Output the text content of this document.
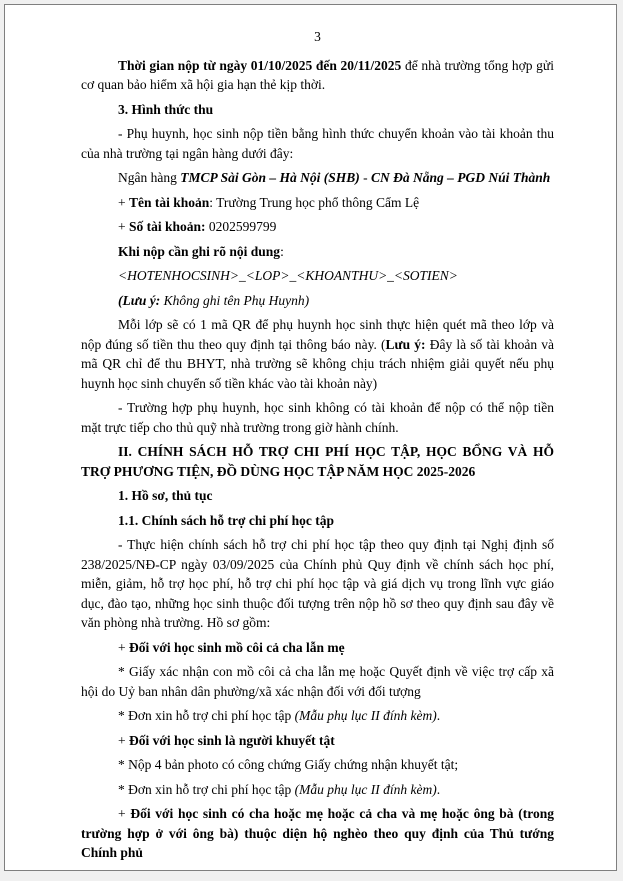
3

Thời gian nộp từ ngày 01/10/2025 đến 20/11/2025 để nhà trường tổng hợp gửi cơ quan bảo hiểm xã hội gia hạn thẻ kịp thời.

3. Hình thức thu

- Phụ huynh, học sinh nộp tiền bằng hình thức chuyển khoản vào tài khoản thu của nhà trường tại ngân hàng dưới đây:

Ngân hàng TMCP Sài Gòn – Hà Nội (SHB) - CN Đà Nẵng – PGD Núi Thành

+ Tên tài khoản: Trường Trung học phổ thông Cẩm Lệ

+ Số tài khoản: 0202599799

Khi nộp cần ghi rõ nội dung:

<HOTENHOCSINH>_<LOP>_<KHOANTHU>_<SOTIEN>

(Lưu ý: Không ghi tên Phụ Huynh)

Mỗi lớp sẽ có 1 mã QR để phụ huynh học sinh thực hiện quét mã theo lớp và nộp đúng số tiền thu theo quy định tại thông báo này. (Lưu ý: Đây là số tài khoản và mã QR chỉ để thu BHYT, nhà trường sẽ không chịu trách nhiệm giải quyết nếu phụ huynh học sinh chuyển số tiền khác vào tài khoản này)

- Trường hợp phụ huynh, học sinh không có tài khoản để nộp có thể nộp tiền mặt trực tiếp cho thủ quỹ nhà trường trong giờ hành chính.

II. CHÍNH SÁCH HỖ TRỢ CHI PHÍ HỌC TẬP, HỌC BỔNG VÀ HỖ TRỢ PHƯƠNG TIỆN, ĐỒ DÙNG HỌC TẬP NĂM HỌC 2025-2026

1. Hồ sơ, thủ tục

1.1. Chính sách hỗ trợ chi phí học tập

- Thực hiện chính sách hỗ trợ chi phí học tập theo quy định tại Nghị định số 238/2025/NĐ-CP ngày 03/09/2025 của Chính phủ Quy định về chính sách học phí, miễn, giảm, hỗ trợ học phí, hỗ trợ chi phí học tập và giá dịch vụ trong lĩnh vực giáo dục, đào tạo, những học sinh thuộc đối tượng trên nộp hồ sơ theo quy định sau đây về văn phòng nhà trường. Hồ sơ gồm:

+ Đối với học sinh mồ côi cả cha lẫn mẹ

* Giấy xác nhận con mồ côi cả cha lẫn mẹ hoặc Quyết định về việc trợ cấp xã hội do Uỷ ban nhân dân phường/xã xác nhận đối với đối tượng

* Đơn xin hỗ trợ chi phí học tập (Mẫu phụ lục II đính kèm).

+ Đối với học sinh là người khuyết tật

* Nộp 4 bản photo có công chứng Giấy chứng nhận khuyết tật;

* Đơn xin hỗ trợ chi phí học tập (Mẫu phụ lục II đính kèm).

+ Đối với học sinh có cha hoặc mẹ hoặc cả cha và mẹ hoặc ông bà (trong trường hợp ở với ông bà) thuộc diện hộ nghèo theo quy định của Thủ tướng Chính phủ
